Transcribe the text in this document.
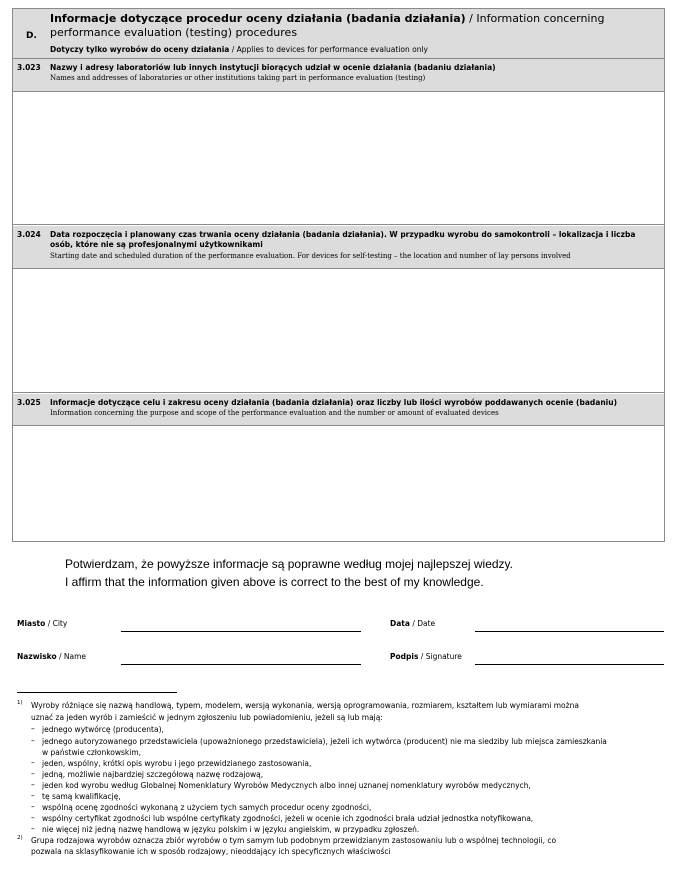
D.
Informacje dotyczące procedur oceny działania (badania działania) / Information concerning performance evaluation (testing) procedures
Dotyczy tylko wyrobów do oceny działania / Applies to devices for performance evaluation only
3.023 Nazwy i adresy laboratoriów lub innych instytucji biorących udział w ocenie działania (badaniu działania)
Names and addresses of laboratories or other institutions taking part in performance evaluation (testing)
3.024 Data rozpoczęcia i planowany czas trwania oceny działania (badania działania). W przypadku wyrobu do samokontroli – lokalizacja i liczba osób, które nie są profesjonalnymi użytkownikami
Starting date and scheduled duration of the performance evaluation. For devices for self-testing – the location and number of lay persons involved
3.025 Informacje dotyczące celu i zakresu oceny działania (badania działania) oraz liczby lub ilości wyrobów poddawanych ocenie (badaniu)
Information concerning the purpose and scope of the performance evaluation and the number or amount of evaluated devices
Potwierdzam, że powyższe informacje są poprawne według mojej najlepszej wiedzy.
I affirm that the information given above is correct to the best of my knowledge.
Miasto / City	Data / Date
Nazwisko / Name	Podpis / Signature
1) Wyroby różniące się nazwą handlową, typem, modelem, wersją wykonania, wersją oprogramowania, rozmiarem, kształtem lub wymiarami można
uznać za jeden wyrób i zamieścić w jednym zgłoszeniu lub powiadomieniu, jeżeli są lub mają:
– jednego wytwórcę (producenta),
– jednego autoryzowanego przedstawiciela (upoważnionego przedstawiciela), jeżeli ich wytwórca (producent) nie ma siedziby lub miejsca zamieszkania
w państwie członkowskim,
– jeden, wspólny, krótki opis wyrobu i jego przewidzianego zastosowania,
– jedną, możliwie najbardziej szczegółową nazwę rodzajową,
– jeden kod wyrobu według Globalnej Nomenklatury Wyrobów Medycznych albo innej uznanej nomenklatury wyrobów medycznych,
– tę samą kwalifikację,
– wspólną ocenę zgodności wykonaną z użyciem tych samych procedur oceny zgodności,
– wspólny certyfikat zgodności lub wspólne certyfikaty zgodności, jeżeli w ocenie ich zgodności brała udział jednostka notyfikowana,
– nie więcej niż jedną nazwę handlową w języku polskim i w języku angielskim, w przypadku zgłoszeń.
2) Grupa rodzajowa wyrobów oznacza zbiór wyrobów o tym samym lub podobnym przewidzianym zastosowaniu lub o wspólnej technologii, co
pozwala na sklasyfikowanie ich w sposób rodzajowy, nieoddający ich specyficznych właściwości
